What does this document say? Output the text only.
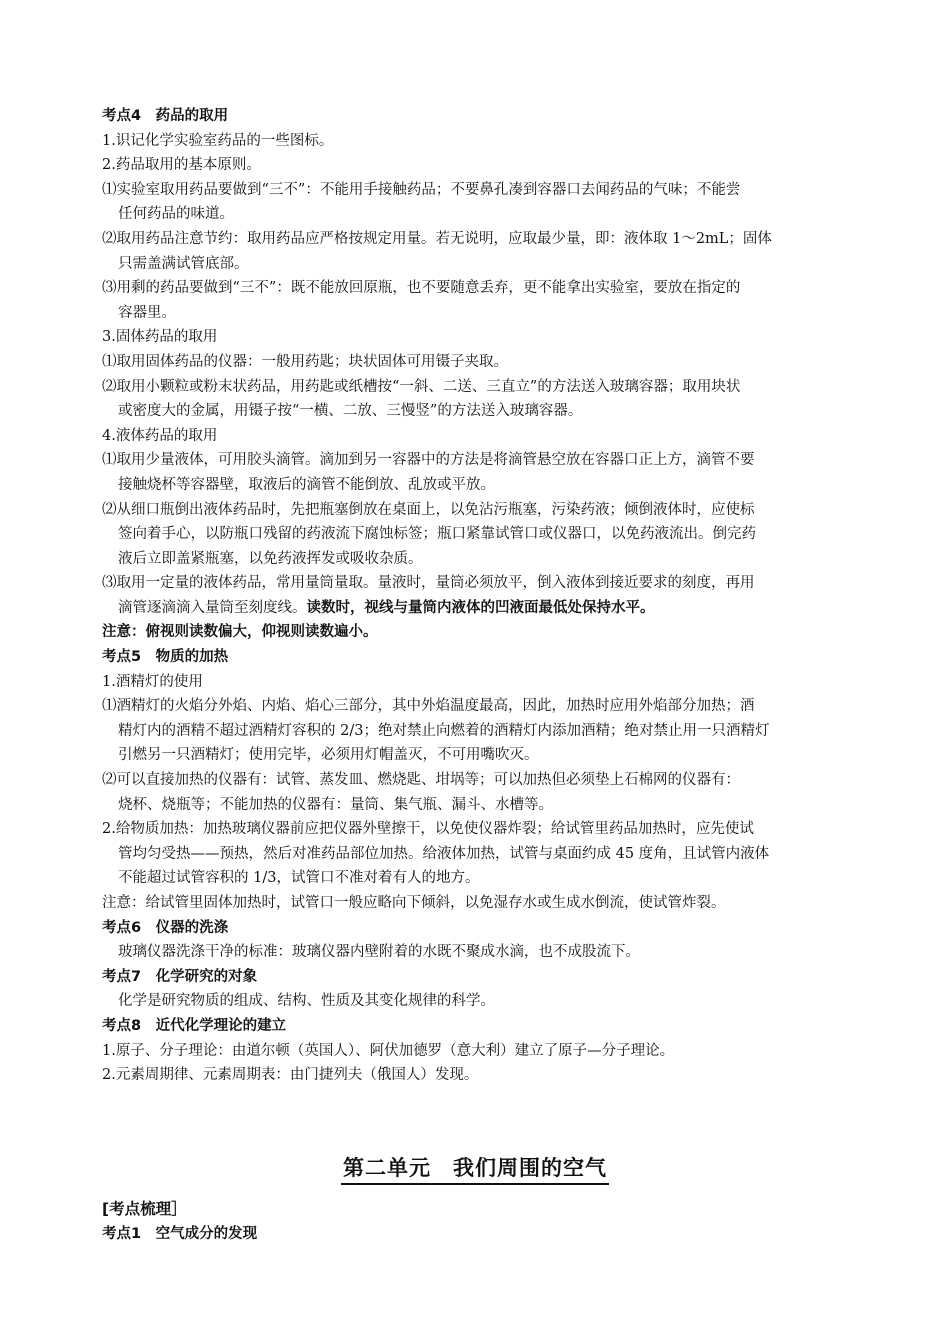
考点4　药品的取用
1.识记化学实验室药品的一些图标。
2.药品取用的基本原则。
⑴实验室取用药品要做到“三不”：不能用手接触药品；不要鼻孔凑到容器口去闻药品的气味；不能尝
任何药品的味道。
⑵取用药品注意节约：取用药品应严格按规定用量。若无说明，应取最少量，即：液体取 1～2mL；固体
只需盖满试管底部。
⑶用剩的药品要做到“三不”：既不能放回原瓶，也不要随意丢弃，更不能拿出实验室，要放在指定的
容器里。
3.固体药品的取用
⑴取用固体药品的仪器：一般用药匙；块状固体可用镊子夹取。
⑵取用小颗粒或粉末状药品，用药匙或纸槽按“一斜、二送、三直立”的方法送入玻璃容器；取用块状
或密度大的金属，用镊子按“一横、二放、三慢竖”的方法送入玻璃容器。
4.液体药品的取用
⑴取用少量液体，可用胶头滴管。滴加到另一容器中的方法是将滴管悬空放在容器口正上方，滴管不要
接触烧杯等容器壁，取液后的滴管不能倒放、乱放或平放。
⑵从细口瓶倒出液体药品时，先把瓶塞倒放在桌面上，以免沾污瓶塞，污染药液；倾倒液体时，应使标
签向着手心，以防瓶口残留的药液流下腐蚀标签；瓶口紧靠试管口或仪器口，以免药液流出。倒完药
液后立即盖紧瓶塞，以免药液挥发或吸收杂质。
⑶取用一定量的液体药品，常用量筒量取。量液时，量筒必须放平，倒入液体到接近要求的刻度，再用
滴管逐滴滴入量筒至刻度线。读数时，视线与量筒内液体的凹液面最低处保持水平。
注意：俯视则读数偏大，仰视则读数遍小。
考点5　物质的加热
1.酒精灯的使用
⑴酒精灯的火焰分外焰、内焰、焰心三部分，其中外焰温度最高，因此，加热时应用外焰部分加热；酒
精灯内的酒精不超过酒精灯容积的 2/3；绝对禁止向燃着的酒精灯内添加酒精；绝对禁止用一只酒精灯
引燃另一只酒精灯；使用完毕，必须用灯帽盖灭，不可用嘴吹灭。
⑵可以直接加热的仪器有：试管、蒸发皿、燃烧匙、坩埚等；可以加热但必须垫上石棉网的仪器有：
烧杯、烧瓶等；不能加热的仪器有：量筒、集气瓶、漏斗、水槽等。
2.给物质加热：加热玻璃仪器前应把仪器外壁擦干，以免使仪器炸裂；给试管里药品加热时，应先使试
管均匀受热——预热，然后对准药品部位加热。给液体加热，试管与桌面约成 45 度角，且试管内液体
不能超过试管容积的 1/3，试管口不准对着有人的地方。
注意：给试管里固体加热时，试管口一般应略向下倾斜，以免湿存水或生成水倒流，使试管炸裂。
考点6　仪器的洗涤
玻璃仪器洗涤干净的标准：玻璃仪器内壁附着的水既不聚成水滴，也不成股流下。
考点7　化学研究的对象
化学是研究物质的组成、结构、性质及其变化规律的科学。
考点8　近代化学理论的建立
1.原子、分子理论：由道尔顿（英国人）、阿伏加德罗（意大利）建立了原子—分子理论。
2.元素周期律、元素周期表：由门捷列夫（俄国人）发现。
第二单元　我们周围的空气
[考点梳理］
考点1　空气成分的发现
